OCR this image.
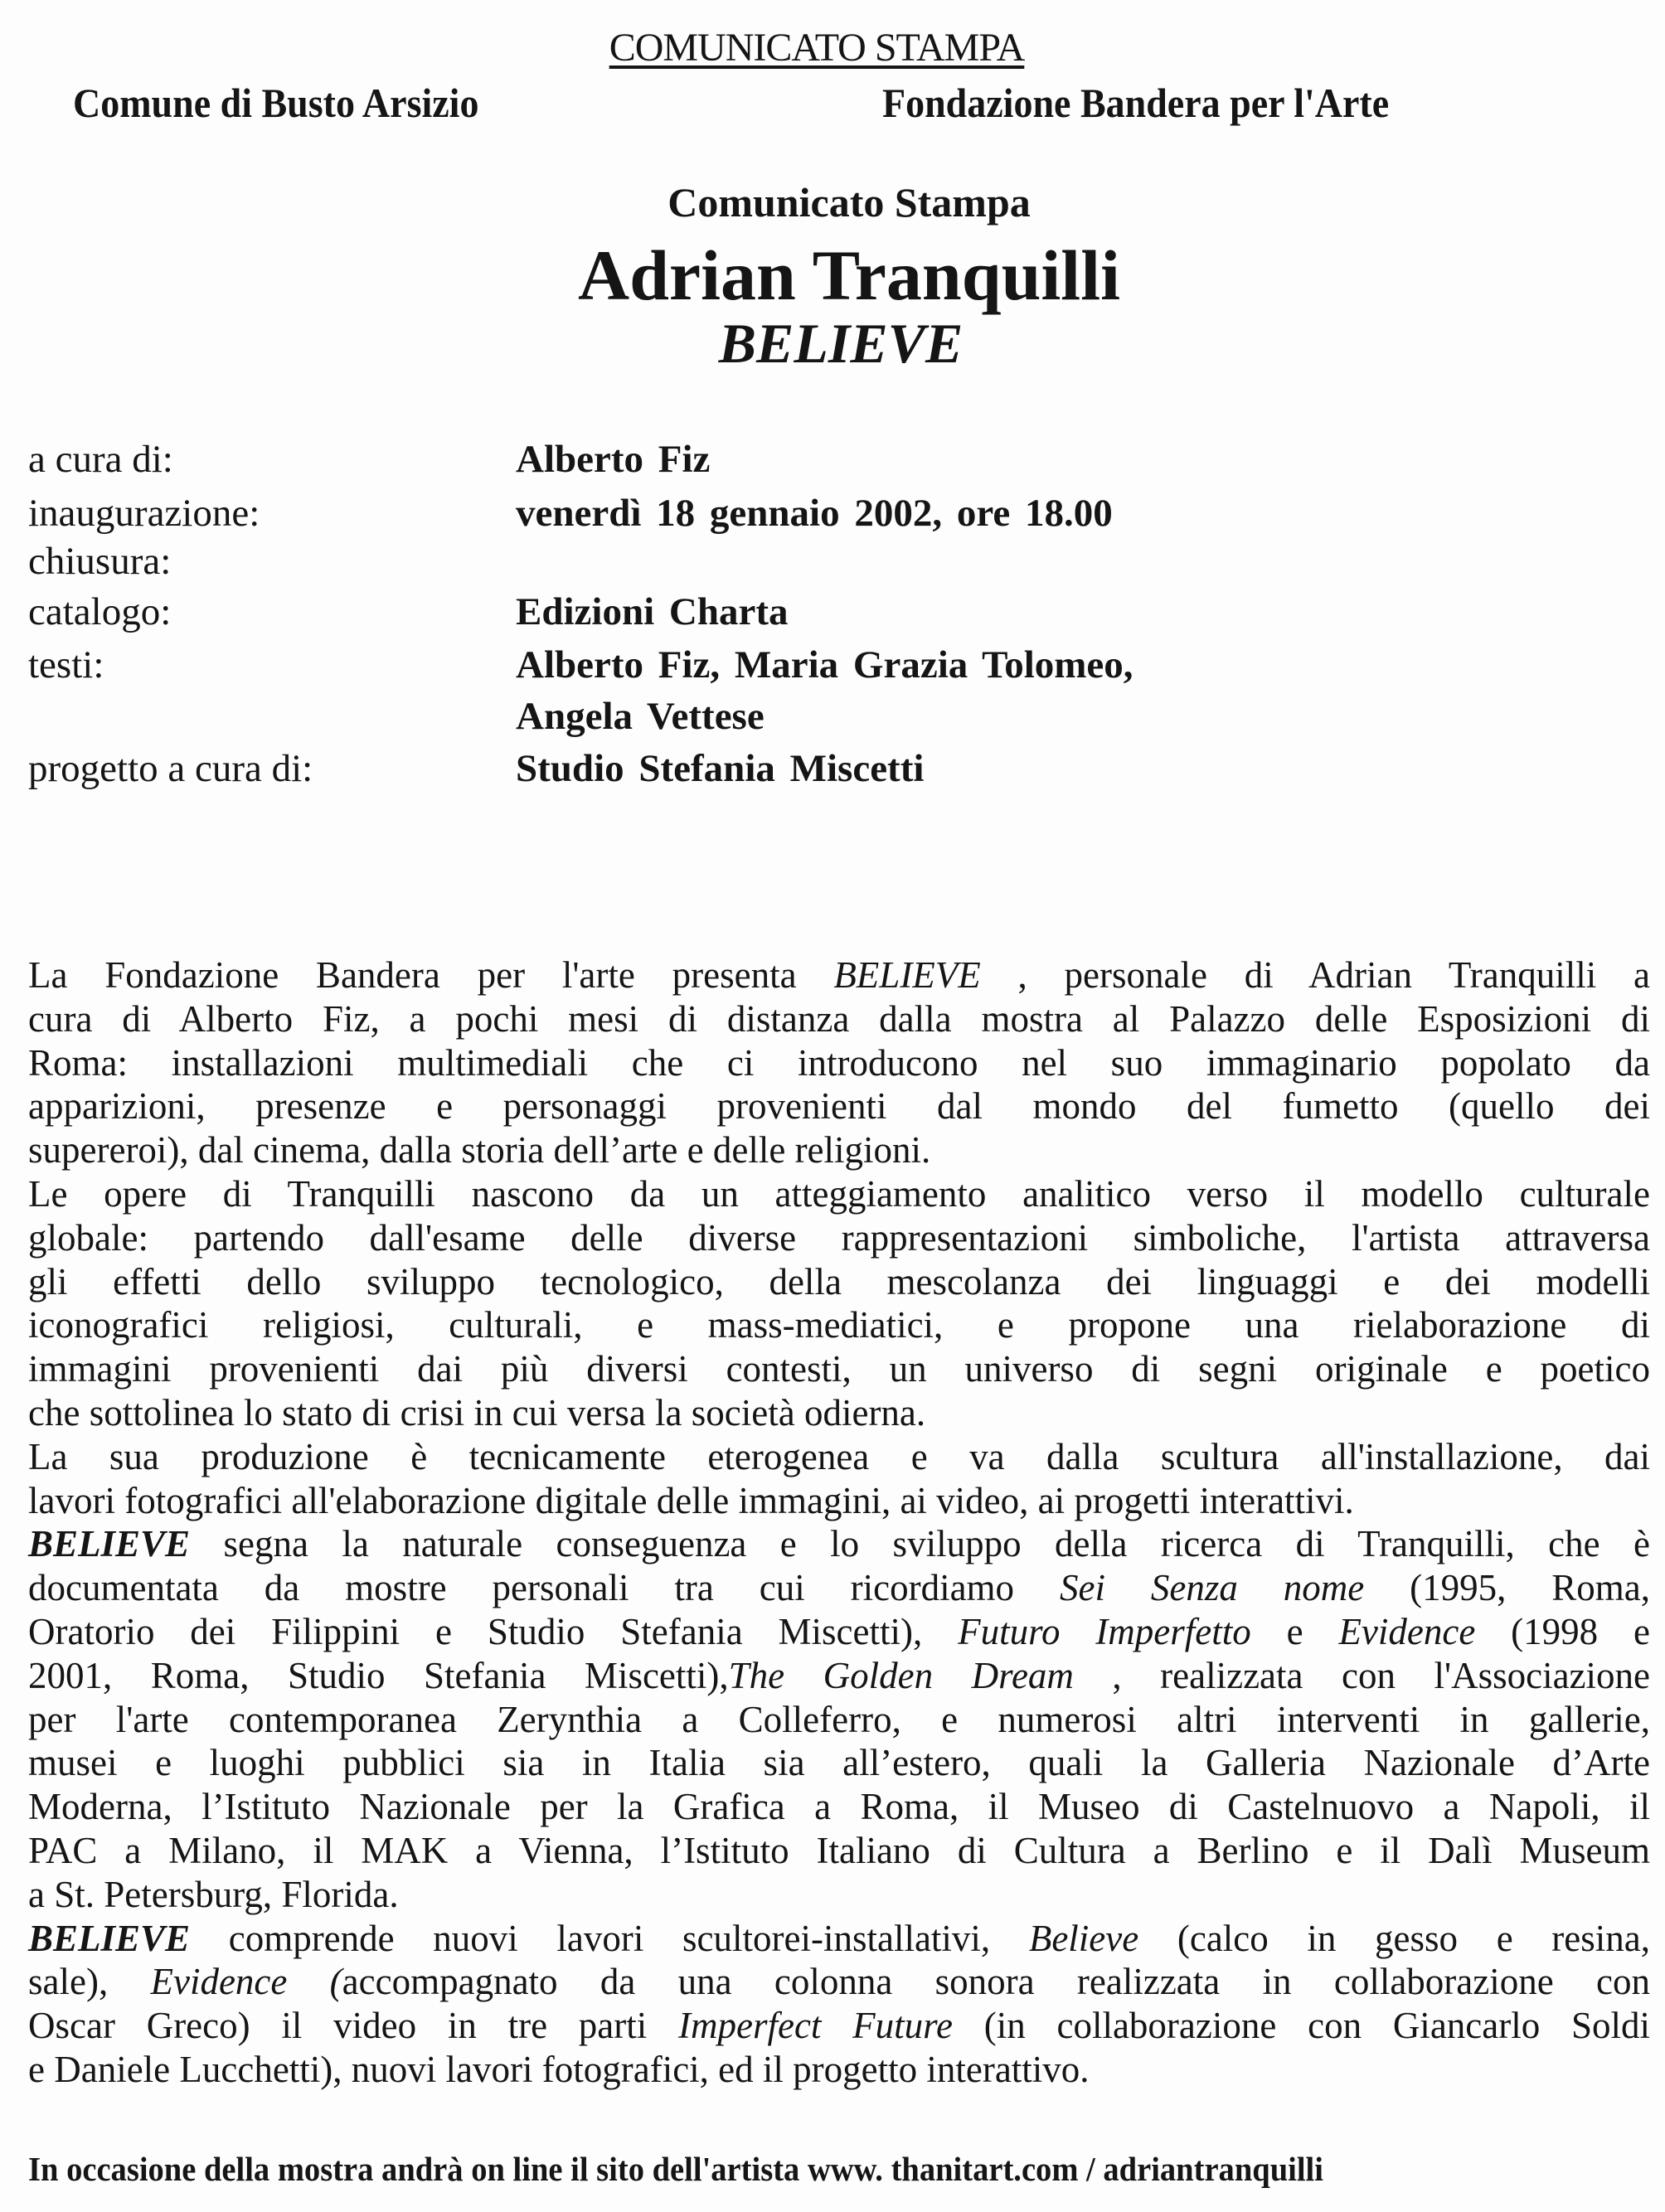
COMUNICATO STAMPA
Comune di Busto Arsizio	Fondazione Bandera per l'Arte
Comunicato Stampa
Adrian Tranquilli
BELIEVE
a cura di:	Alberto Fiz
inaugurazione:	venerdì 18 gennaio 2002, ore 18.00
chiusura:
catalogo:	Edizioni Charta
testi:	Alberto Fiz, Maria Grazia Tolomeo,
Angela Vettese
progetto a cura di:	Studio Stefania Miscetti
La Fondazione Bandera per l'arte presenta BELIEVE , personale di Adrian Tranquilli a
cura di Alberto Fiz, a pochi mesi di distanza dalla mostra al Palazzo delle Esposizioni di
Roma: installazioni multimediali che ci introducono nel suo immaginario popolato da
apparizioni, presenze e personaggi provenienti dal mondo del fumetto (quello dei
supereroi), dal cinema, dalla storia dell’arte e delle religioni.
Le opere di Tranquilli nascono da un atteggiamento analitico verso il modello culturale
globale: partendo dall'esame delle diverse rappresentazioni simboliche, l'artista attraversa
gli effetti dello sviluppo tecnologico, della mescolanza dei linguaggi e dei modelli
iconografici religiosi, culturali, e mass-mediatici, e propone una rielaborazione di
immagini provenienti dai più diversi contesti, un universo di segni originale e poetico
che sottolinea lo stato di crisi in cui versa la società odierna.
La sua produzione è tecnicamente eterogenea e va dalla scultura all'installazione, dai
lavori fotografici all'elaborazione digitale delle immagini, ai video, ai progetti interattivi.
BELIEVE segna la naturale conseguenza e lo sviluppo della ricerca di Tranquilli, che è
documentata da mostre personali tra cui ricordiamo Sei Senza nome (1995, Roma,
Oratorio dei Filippini e Studio Stefania Miscetti), Futuro Imperfetto e Evidence (1998 e
2001, Roma, Studio Stefania Miscetti),The Golden Dream , realizzata con l'Associazione
per l'arte contemporanea Zerynthia a Colleferro, e numerosi altri interventi in gallerie,
musei e luoghi pubblici sia in Italia sia all’estero, quali la Galleria Nazionale d’Arte
Moderna, l’Istituto Nazionale per la Grafica a Roma, il Museo di Castelnuovo a Napoli, il
PAC a Milano, il MAK a Vienna, l’Istituto Italiano di Cultura a Berlino e il Dalì Museum
a St. Petersburg, Florida.
BELIEVE comprende nuovi lavori scultorei-installativi, Believe (calco in gesso e resina,
sale), Evidence (accompagnato da una colonna sonora realizzata in collaborazione con
Oscar Greco) il video in tre parti Imperfect Future (in collaborazione con Giancarlo Soldi
e Daniele Lucchetti), nuovi lavori fotografici, ed il progetto interattivo.
In occasione della mostra andrà on line il sito dell'artista www. thanitart.com / adriantranquilli
